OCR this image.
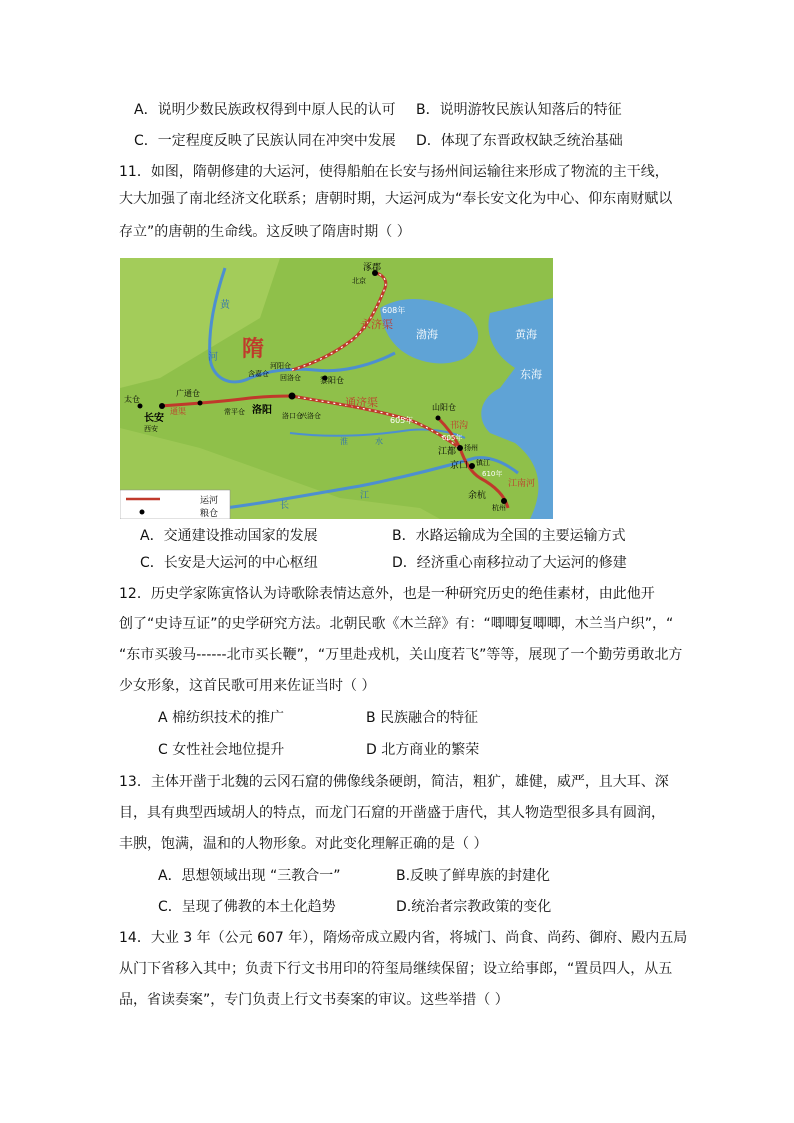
A．说明少数民族政权得到中原人民的认可 B．说明游牧民族认知落后的特征
C．一定程度反映了民族认同在冲突中发展 D．体现了东晋政权缺乏统治基础
11．如图，隋朝修建的大运河，使得船舶在长安与扬州间运输往来形成了物流的主干线，
大大加强了南北经济文化联系；唐朝时期，大运河成为“奉长安文化为中心、仰东南财赋以
存立”的唐朝的生命线。这反映了隋唐时期（ ）
隋
涿郡
北京
长安
西安
洛阳
江都 扬州
京口 镇江
余杭
杭州
山阳仓
太仓
广通仓
常平仓
含嘉仓
河阳仓
回洛仓
洛口仓
黎阳仓
兴洛仓
永济渠
通济渠
邗沟
江南河
通渠
608年
605年
605年
610年
渤海	黄海
东海
黄
河
淮	水
长
江
运河
粮仓
A．交通建设推动国家的发展	B．水路运输成为全国的主要运输方式
C．长安是大运河的中心枢纽	D．经济重心南移拉动了大运河的修建
12．历史学家陈寅恪认为诗歌除表情达意外，也是一种研究历史的绝佳素材，由此他开
创了“史诗互证”的史学研究方法。北朝民歌《木兰辞》有：“唧唧复唧唧，木兰当户织”，“
“东市买骏马------北市买长鞭”，“万里赴戎机，关山度若飞”等等，展现了一个勤劳勇敢北方
少女形象，这首民歌可用来佐证当时（ ）
A 棉纺织技术的推广	B 民族融合的特征
C 女性社会地位提升	D 北方商业的繁荣
13．主体开凿于北魏的云冈石窟的佛像线条硬朗，简洁，粗犷，雄健，威严，且大耳、深
目，具有典型西域胡人的特点，而龙门石窟的开凿盛于唐代，其人物造型很多具有圆润，
丰腴，饱满，温和的人物形象。对此变化理解正确的是（ ）
A．思想领域出现 “三教合一”	B.反映了鲜卑族的封建化
C．呈现了佛教的本土化趋势	D.统治者宗教政策的变化
14．大业 3 年（公元 607 年），隋炀帝成立殿内省，将城门、尚食、尚药、御府、殿内五局
从门下省移入其中；负责下行文书用印的符玺局继续保留；设立给事郎，“置员四人，从五
品，省读奏案”，专门负责上行文书奏案的审议。这些举措（ ）
